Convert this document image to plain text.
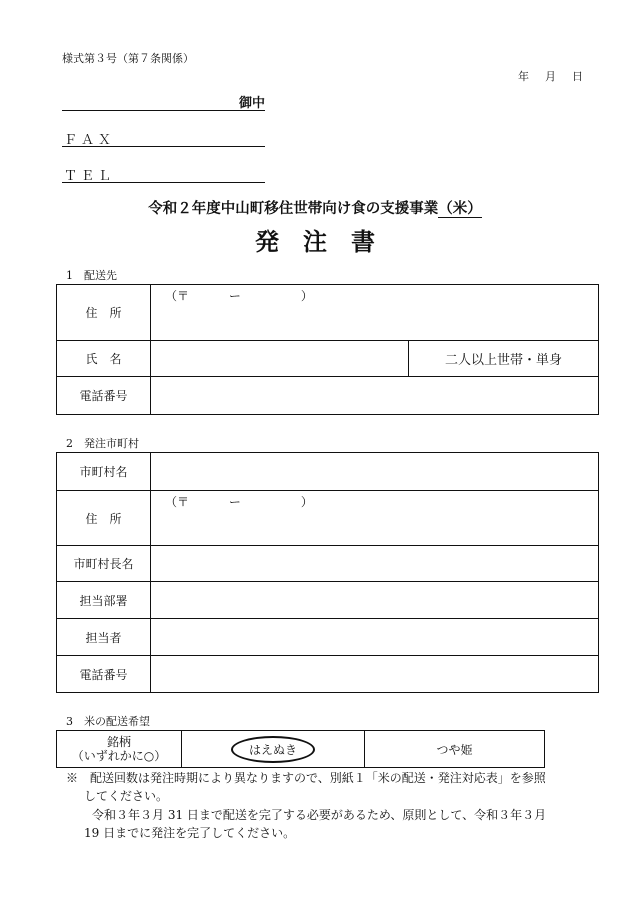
様式第３号（第７条関係）
年 月 日
御中
ＦＡＸ
ＴＥＬ
令和２年度中山町移住世帯向け食の支援事業（米）
発　注　書
1　配送先
住　所	（〒　　　 ー　　　　　）	

氏　名		二人以上世帯・単身
電話番号		
2　発注市町村
市町村名	
住　所	（〒　　　 ー　　　　　）

市町村長名	
担当部署	
担当者	
電話番号	
3　米の配送希望
銘柄
（いずれかに○）	はえぬき	つや姫
※　配送回数は発注時期により異なりますので、別紙１「米の配送・発注対応表」を参照
してください。
令和３年３月 31 日まで配送を完了する必要があるため、原則として、令和３年３月
19 日までに発注を完了してください。
